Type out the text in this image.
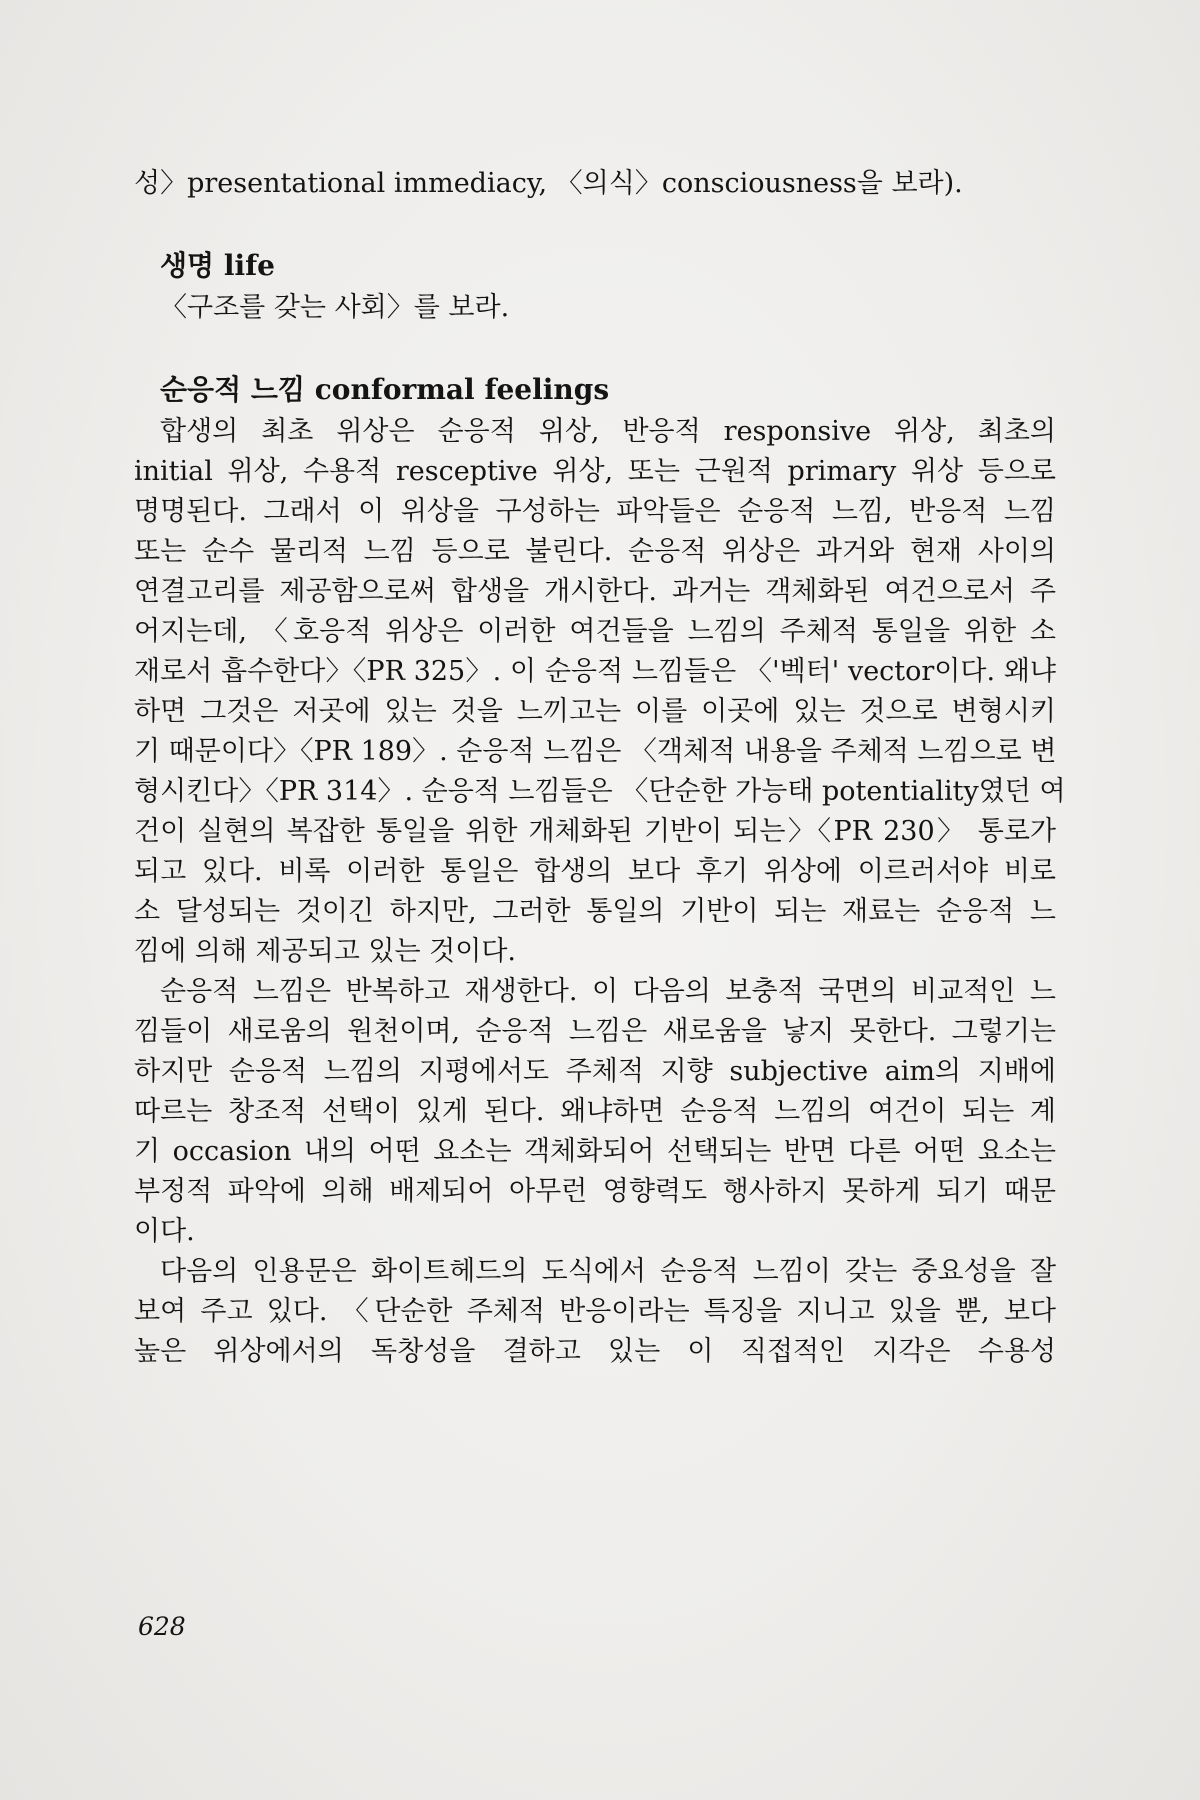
성〉presentational immediacy, 〈의식〉consciousness을 보라).
생명 life
〈구조를 갖는 사회〉를 보라.
순응적 느낌 conformal feelings
합생의 최초 위상은 순응적 위상, 반응적 responsive 위상, 최초의
initial 위상, 수용적 resceptive 위상, 또는 근원적 primary 위상 등으로
명명된다. 그래서 이 위상을 구성하는 파악들은 순응적 느낌, 반응적 느낌
또는 순수 물리적 느낌 등으로 불린다. 순응적 위상은 과거와 현재 사이의
연결고리를 제공함으로써 합생을 개시한다. 과거는 객체화된 여건으로서 주
어지는데, 〈호응적 위상은 이러한 여건들을 느낌의 주체적 통일을 위한 소
재로서 흡수한다〉〈PR 325〉. 이 순응적 느낌들은 〈'벡터' vector이다. 왜냐
하면 그것은 저곳에 있는 것을 느끼고는 이를 이곳에 있는 것으로 변형시키
기 때문이다〉〈PR 189〉. 순응적 느낌은 〈객체적 내용을 주체적 느낌으로 변
형시킨다〉〈PR 314〉. 순응적 느낌들은 〈단순한 가능태 potentiality였던 여
건이 실현의 복잡한 통일을 위한 개체화된 기반이 되는〉〈PR 230〉 통로가
되고 있다. 비록 이러한 통일은 합생의 보다 후기 위상에 이르러서야 비로
소 달성되는 것이긴 하지만, 그러한 통일의 기반이 되는 재료는 순응적 느
낌에 의해 제공되고 있는 것이다.
순응적 느낌은 반복하고 재생한다. 이 다음의 보충적 국면의 비교적인 느
낌들이 새로움의 원천이며, 순응적 느낌은 새로움을 낳지 못한다. 그렇기는
하지만 순응적 느낌의 지평에서도 주체적 지향 subjective aim의 지배에
따르는 창조적 선택이 있게 된다. 왜냐하면 순응적 느낌의 여건이 되는 계
기 occasion 내의 어떤 요소는 객체화되어 선택되는 반면 다른 어떤 요소는
부정적 파악에 의해 배제되어 아무런 영향력도 행사하지 못하게 되기 때문
이다.
다음의 인용문은 화이트헤드의 도식에서 순응적 느낌이 갖는 중요성을 잘
보여 주고 있다. 〈단순한 주체적 반응이라는 특징을 지니고 있을 뿐, 보다
높은 위상에서의 독창성을 결하고 있는 이 직접적인 지각은 수용성
628
